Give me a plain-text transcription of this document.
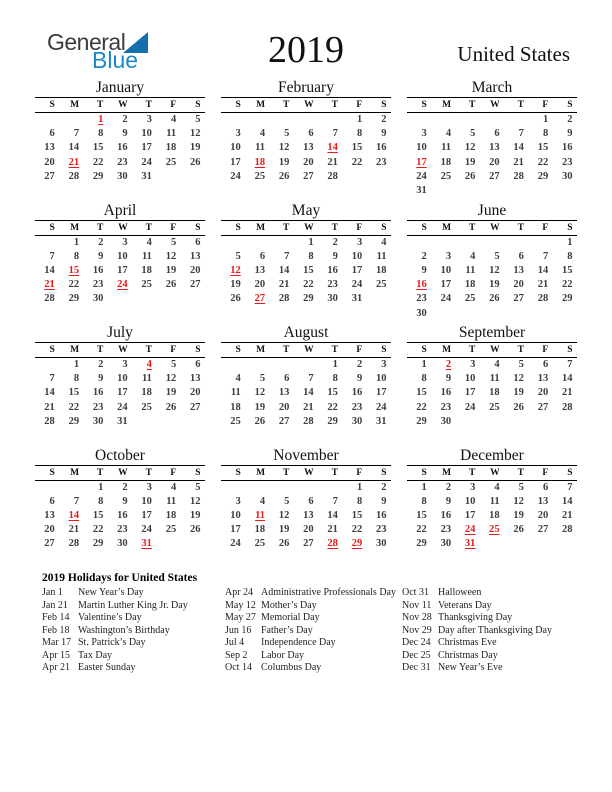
General
Blue	2019	United States
January
S	M	T	W	T	F	S
		1	2	3	4	5
6	7	8	9	10	11	12
13	14	15	16	17	18	19
20	21	22	23	24	25	26
27	28	29	30	31		

February
S	M	T	W	T	F	S
					1	2
3	4	5	6	7	8	9
10	11	12	13	14	15	16
17	18	19	20	21	22	23
24	25	26	27	28		

March
S	M	T	W	T	F	S
					1	2
3	4	5	6	7	8	9
10	11	12	13	14	15	16
17	18	19	20	21	22	23
24	25	26	27	28	29	30
31						
April
S	M	T	W	T	F	S
	1	2	3	4	5	6
7	8	9	10	11	12	13
14	15	16	17	18	19	20
21	22	23	24	25	26	27
28	29	30				

May
S	M	T	W	T	F	S
			1	2	3	4
5	6	7	8	9	10	11
12	13	14	15	16	17	18
19	20	21	22	23	24	25
26	27	28	29	30	31	

June
S	M	T	W	T	F	S
						1
2	3	4	5	6	7	8
9	10	11	12	13	14	15
16	17	18	19	20	21	22
23	24	25	26	27	28	29
30						
July
S	M	T	W	T	F	S
	1	2	3	4	5	6
7	8	9	10	11	12	13
14	15	16	17	18	19	20
21	22	23	24	25	26	27
28	29	30	31			

August
S	M	T	W	T	F	S
				1	2	3
4	5	6	7	8	9	10
11	12	13	14	15	16	17
18	19	20	21	22	23	24
25	26	27	28	29	30	31

September
S	M	T	W	T	F	S
1	2	3	4	5	6	7
8	9	10	11	12	13	14
15	16	17	18	19	20	21
22	23	24	25	26	27	28
29	30					

October
S	M	T	W	T	F	S
		1	2	3	4	5
6	7	8	9	10	11	12
13	14	15	16	17	18	19
20	21	22	23	24	25	26
27	28	29	30	31		

November
S	M	T	W	T	F	S
					1	2
3	4	5	6	7	8	9
10	11	12	13	14	15	16
17	18	19	20	21	22	23
24	25	26	27	28	29	30

December
S	M	T	W	T	F	S
1	2	3	4	5	6	7
8	9	10	11	12	13	14
15	16	17	18	19	20	21
22	23	24	25	26	27	28
29	30	31				

2019 Holidays for United States
Jan 1 New Year’s Day
Jan 21 Martin Luther King Jr. Day
Feb 14 Valentine’s Day
Feb 18 Washington’s Birthday
Mar 17 St. Patrick’s Day
Apr 15 Tax Day
Apr 21 Easter Sunday
Apr 24 Administrative Professionals Day
May 12 Mother’s Day
May 27 Memorial Day
Jun 16 Father’s Day
Jul 4 Independence Day
Sep 2 Labor Day
Oct 14 Columbus Day
Oct 31 Halloween
Nov 11 Veterans Day
Nov 28 Thanksgiving Day
Nov 29 Day after Thanksgiving Day
Dec 24 Christmas Eve
Dec 25 Christmas Day
Dec 31 New Year’s Eve
